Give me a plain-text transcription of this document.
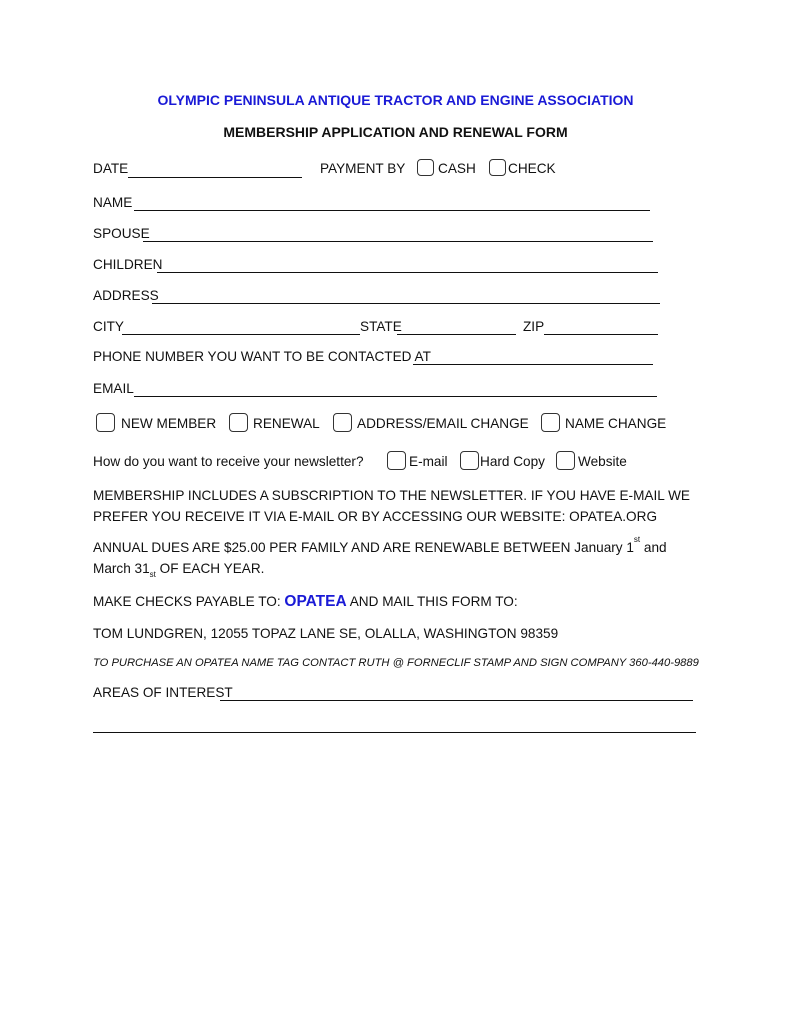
OLYMPIC PENINSULA ANTIQUE TRACTOR AND ENGINE ASSOCIATION
MEMBERSHIP APPLICATION AND RENEWAL FORM
DATE	PAYMENT BY CASH CHECK
NAME
SPOUSE
CHILDREN
ADDRESS
CITY	STATE	ZIP
PHONE NUMBER YOU WANT TO BE CONTACTED AT
EMAIL
NEW MEMBER	RENEWAL	ADDRESS/EMAIL CHANGE	NAME CHANGE
How do you want to receive your newsletter?	E-mail Hard Copy Website
MEMBERSHIP INCLUDES A SUBSCRIPTION TO THE NEWSLETTER. IF YOU HAVE E-MAIL WE PREFER YOU RECEIVE IT VIA E-MAIL OR BY ACCESSING OUR WEBSITE: OPATEA.ORG
ANNUAL DUES ARE $25.00 PER FAMILY AND ARE RENEWABLE BETWEEN January 1st and March $31_{st}$ OF EACH YEAR.
MAKE CHECKS PAYABLE TO: OPATEA AND MAIL THIS FORM TO:
TOM LUNDGREN, 12055 TOPAZ LANE SE, OLALLA, WASHINGTON 98359
TO PURCHASE AN OPATEA NAME TAG CONTACT RUTH @ FORNECLIF STAMP AND SIGN COMPANY 360-440-9889
AREAS OF INTEREST
